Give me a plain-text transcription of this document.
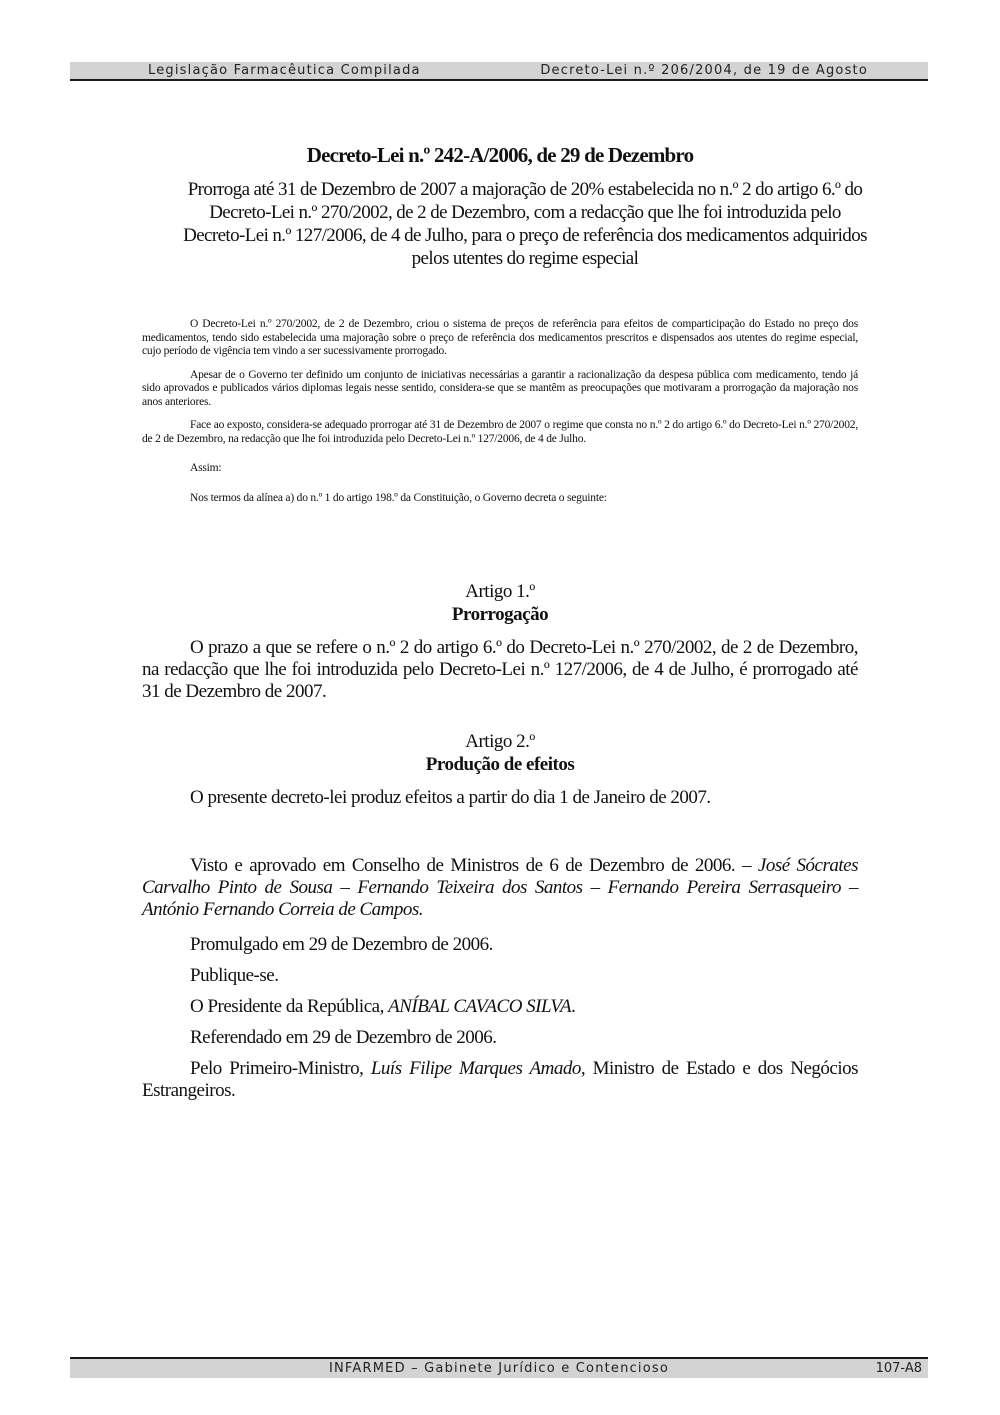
Legislação Farmacêutica Compilada	Decreto-Lei n.º 206/2004, de 19 de Agosto
Decreto-Lei n.º 242-A/2006, de 29 de Dezembro
Prorroga até 31 de Dezembro de 2007 a majoração de 20% estabelecida no n.º 2 do artigo 6.º do Decreto-Lei n.º 270/2002, de 2 de Dezembro, com a redacção que lhe foi introduzida pelo Decreto-Lei n.º 127/2006, de 4 de Julho, para o preço de referência dos medicamentos adquiridos pelos utentes do regime especial

O Decreto-Lei n.º 270/2002, de 2 de Dezembro, criou o sistema de preços de referência para efeitos de comparticipação do Estado no preço dos medicamentos, tendo sido estabelecida uma majoração sobre o preço de referência dos medicamentos prescritos e dispensados aos utentes do regime especial, cujo período de vigência tem vindo a ser sucessivamente prorrogado.

Apesar de o Governo ter definido um conjunto de iniciativas necessárias a garantir a racionalização da despesa pública com medicamento, tendo já sido aprovados e publicados vários diplomas legais nesse sentido, considera-se que se mantêm as preocupações que motivaram a prorrogação da majoração nos anos anteriores.

Face ao exposto, considera-se adequado prorrogar até 31 de Dezembro de 2007 o regime que consta no n.º 2 do artigo 6.º do Decreto-Lei n.º 270/2002, de 2 de Dezembro, na redacção que lhe foi introduzida pelo Decreto-Lei n.º 127/2006, de 4 de Julho.

Assim:

Nos termos da alínea a) do n.º 1 do artigo 198.º da Constituição, o Governo decreta o seguinte:

Artigo 1.º
Prorrogação

O prazo a que se refere o n.º 2 do artigo 6.º do Decreto-Lei n.º 270/2002, de 2 de Dezembro, na redacção que lhe foi introduzida pelo Decreto-Lei n.º 127/2006, de 4 de Julho, é prorrogado até 31 de Dezembro de 2007.

Artigo 2.º
Produção de efeitos

O presente decreto-lei produz efeitos a partir do dia 1 de Janeiro de 2007.

Visto e aprovado em Conselho de Ministros de 6 de Dezembro de 2006. – José Sócrates Carvalho Pinto de Sousa – Fernando Teixeira dos Santos – Fernando Pereira Serrasqueiro – António Fernando Correia de Campos.

Promulgado em 29 de Dezembro de 2006.

Publique-se.

O Presidente da República, ANÍBAL CAVACO SILVA.

Referendado em 29 de Dezembro de 2006.

Pelo Primeiro-Ministro, Luís Filipe Marques Amado, Ministro de Estado e dos Negócios Estrangeiros.

INFARMED – Gabinete Jurídico e Contencioso	107-A8
